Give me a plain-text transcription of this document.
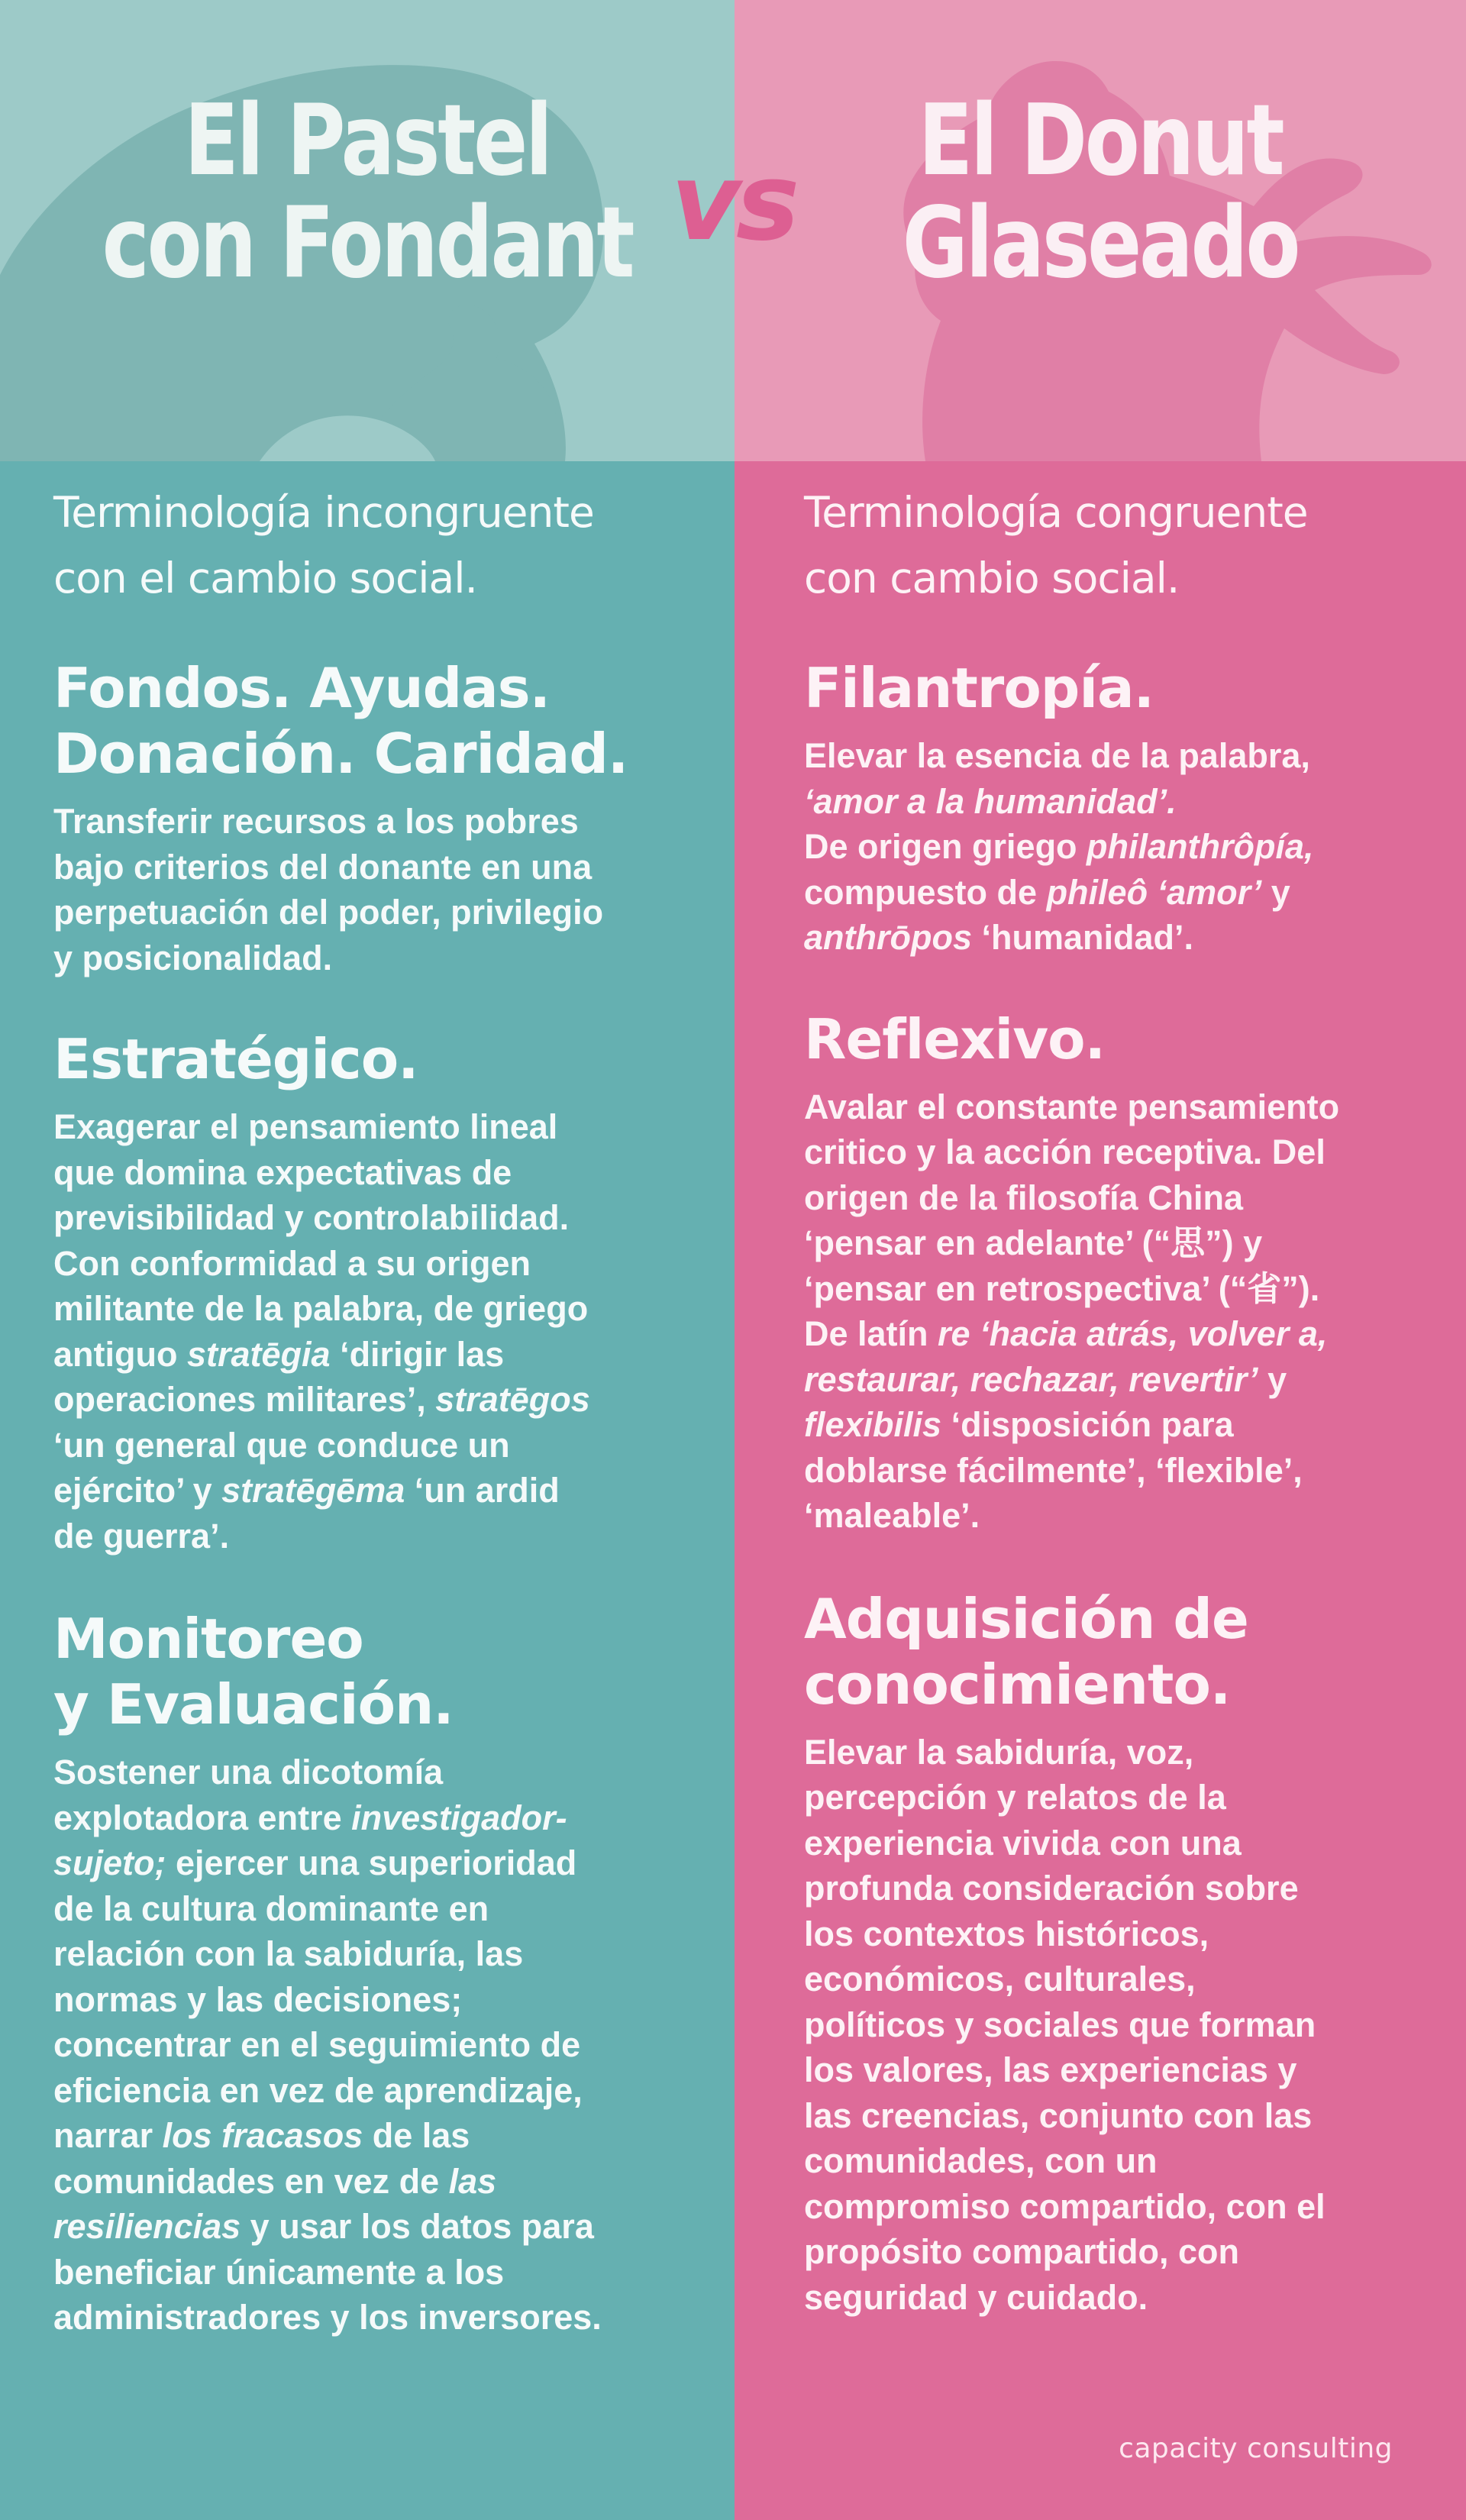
El Pastel
con Fondant

Terminología incongruente
con el cambio social.

Fondos. Ayudas.
Donación. Caridad.

Transferir recursos a los pobres
bajo criterios del donante en una
perpetuación del poder, privilegio
y posicionalidad.

Estratégico.

Exagerar el pensamiento lineal
que domina expectativas de
previsibilidad y controlabilidad.
Con conformidad a su origen
militante de la palabra, de griego
antiguo stratēgia ‘dirigir las
operaciones militares’, stratēgos
‘un general que conduce un
ejército’ y stratēgēma ‘un ardid
de guerra’.

Monitoreo
y Evaluación.

Sostener una dicotomía
explotadora entre investigador-
sujeto; ejercer una superioridad
de la cultura dominante en
relación con la sabiduría, las
normas y las decisiones;
concentrar en el seguimiento de
eficiencia en vez de aprendizaje,
narrar los fracasos de las
comunidades en vez de las
resiliencias y usar los datos para
beneficiar únicamente a los
administradores y los inversores.

El Donut
Glaseado

Terminología congruente
con cambio social.

Filantropía.

Elevar la esencia de la palabra,
‘amor a la humanidad’.
De origen griego philanthrôpía,
compuesto de phileô ‘amor’ y
anthrōpos ‘humanidad’.

Reflexivo.

Avalar el constante pensamiento
critico y la acción receptiva. Del
origen de la filosofía China
‘pensar en adelante’ (“思”) y
‘pensar en retrospectiva’ (“省”).
De latín re ‘hacia atrás, volver a,
restaurar, rechazar, revertir’ y
flexibilis ‘disposición para
doblarse fácilmente’, ‘flexible’,
‘maleable’.

Adquisición de
conocimiento.

Elevar la sabiduría, voz,
percepción y relatos de la
experiencia vivida con una
profunda consideración sobre
los contextos históricos,
económicos, culturales,
políticos y sociales que forman
los valores, las experiencias y
las creencias, conjunto con las
comunidades, con un
compromiso compartido, con el
propósito compartido, con
seguridad y cuidado.

capacity consulting
vs
